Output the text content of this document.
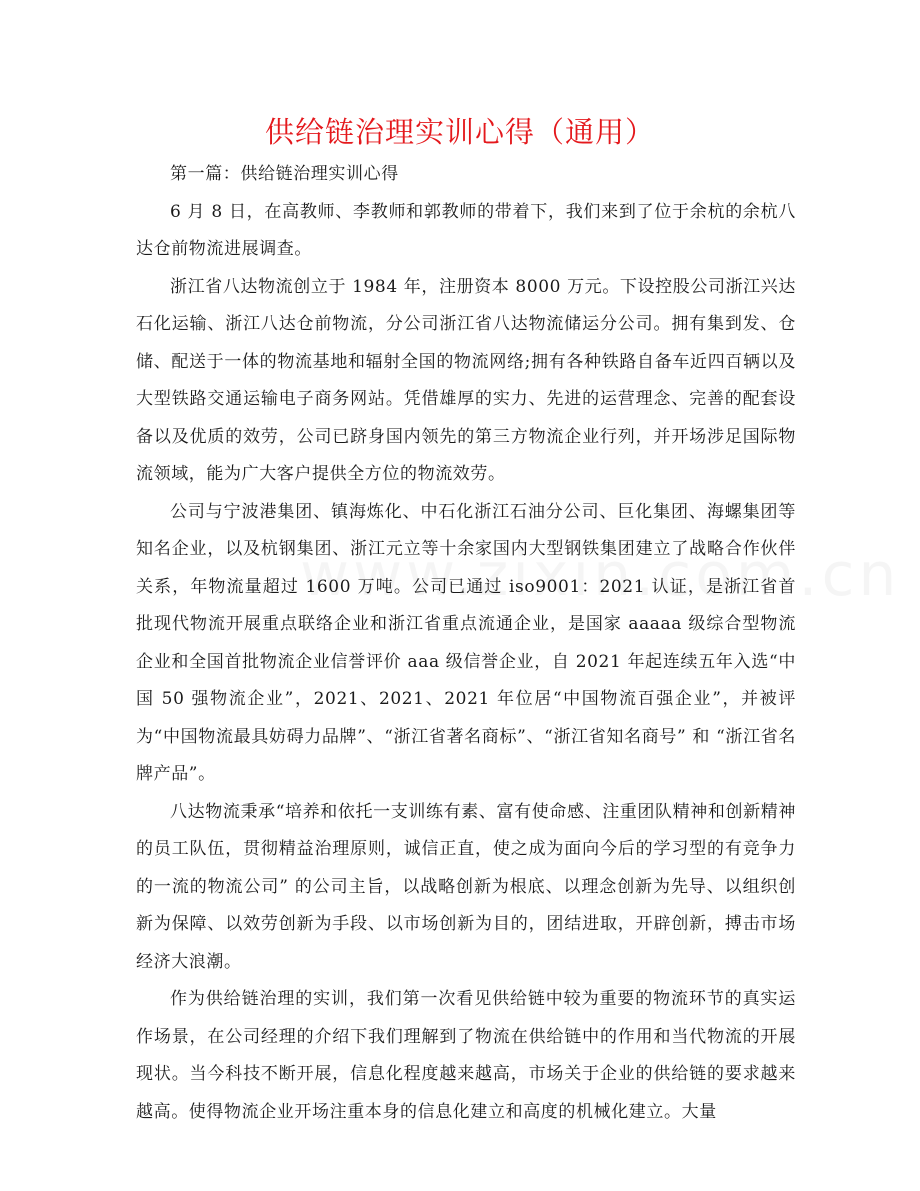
供给链治理实训心得（通用）

第一篇：供给链治理实训心得

6 月 8 日，在高教师、李教师和郭教师的带着下，我们来到了位于余杭的余杭八达仓前物流进展调查。

浙江省八达物流创立于 1984 年，注册资本 8000 万元。下设控股公司浙江兴达石化运输、浙江八达仓前物流，分公司浙江省八达物流储运分公司。拥有集到发、仓储、配送于一体的物流基地和辐射全国的物流网络;拥有各种铁路自备车近四百辆以及大型铁路交通运输电子商务网站。凭借雄厚的实力、先进的运营理念、完善的配套设备以及优质的效劳，公司已跻身国内领先的第三方物流企业行列，并开场涉足国际物流领域，能为广大客户提供全方位的物流效劳。

公司与宁波港集团、镇海炼化、中石化浙江石油分公司、巨化集团、海螺集团等知名企业，以及杭钢集团、浙江元立等十余家国内大型钢铁集团建立了战略合作伙伴关系，年物流量超过 1600 万吨。公司已通过 iso9001：2021 认证，是浙江省首批现代物流开展重点联络企业和浙江省重点流通企业，是国家 aaaaa 级综合型物流企业和全国首批物流企业信誉评价 aaa 级信誉企业，自 2021 年起连续五年入选“中国 50 强物流企业”，2021、2021、2021 年位居“中国物流百强企业”，并被评为“中国物流最具妨碍力品牌”、“浙江省著名商标”、“浙江省知名商号” 和 “浙江省名牌产品”。

八达物流秉承“培养和依托一支训练有素、富有使命感、注重团队精神和创新精神的员工队伍，贯彻精益治理原则，诚信正直，使之成为面向今后的学习型的有竞争力的一流的物流公司” 的公司主旨，以战略创新为根底、以理念创新为先导、以组织创新为保障、以效劳创新为手段、以市场创新为目的，团结进取，开辟创新，搏击市场经济大浪潮。

作为供给链治理的实训，我们第一次看见供给链中较为重要的物流环节的真实运作场景，在公司经理的介绍下我们理解到了物流在供给链中的作用和当代物流的开展现状。当今科技不断开展，信息化程度越来越高，市场关于企业的供给链的要求越来越高。使得物流企业开场注重本身的信息化建立和高度的机械化建立。大量
